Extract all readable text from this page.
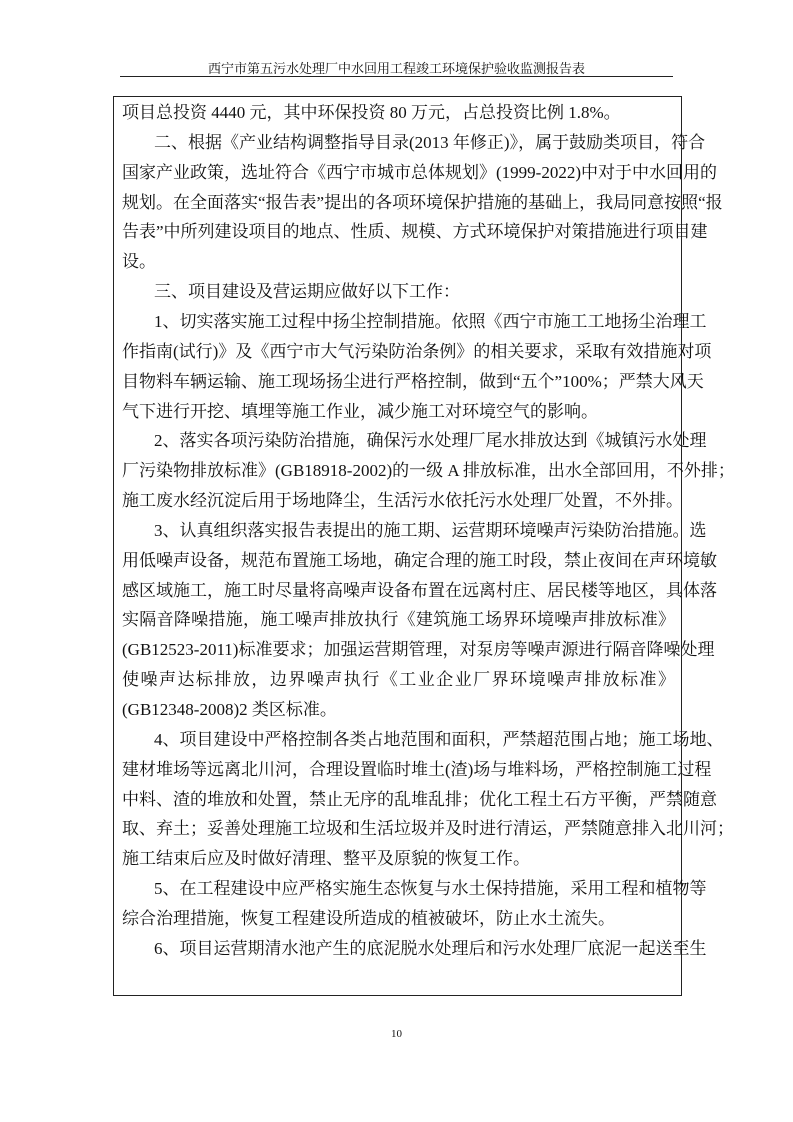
西宁市第五污水处理厂中水回用工程竣工环境保护验收监测报告表
项目总投资 4440 元，其中环保投资 80 万元，占总投资比例 1.8%。
二、根据《产业结构调整指导目录(2013 年修正)》，属于鼓励类项目，符合
国家产业政策，选址符合《西宁市城市总体规划》(1999-2022)中对于中水回用的
规划。在全面落实“报告表”提出的各项环境保护措施的基础上，我局同意按照“报
告表”中所列建设项目的地点、性质、规模、方式环境保护对策措施进行项目建
设。
三、项目建设及营运期应做好以下工作：
1、切实落实施工过程中扬尘控制措施。依照《西宁市施工工地扬尘治理工
作指南(试行)》及《西宁市大气污染防治条例》的相关要求，采取有效措施对项
目物料车辆运输、施工现场扬尘进行严格控制，做到“五个”100%；严禁大风天
气下进行开挖、填埋等施工作业，减少施工对环境空气的影响。
2、落实各项污染防治措施，确保污水处理厂尾水排放达到《城镇污水处理
厂污染物排放标准》(GB18918-2002)的一级 A 排放标准，出水全部回用，不外排；
施工废水经沉淀后用于场地降尘，生活污水依托污水处理厂处置，不外排。
3、认真组织落实报告表提出的施工期、运营期环境噪声污染防治措施。选
用低噪声设备，规范布置施工场地，确定合理的施工时段，禁止夜间在声环境敏
感区域施工，施工时尽量将高噪声设备布置在远离村庄、居民楼等地区，具体落
实隔音降噪措施，施工噪声排放执行《建筑施工场界环境噪声排放标准》
(GB12523-2011)标准要求；加强运营期管理，对泵房等噪声源进行隔音降噪处理
使噪声达标排放，边界噪声执行《工业企业厂界环境噪声排放标准》
(GB12348-2008)2 类区标准。
4、项目建设中严格控制各类占地范围和面积，严禁超范围占地；施工场地、
建材堆场等远离北川河，合理设置临时堆土(渣)场与堆料场，严格控制施工过程
中料、渣的堆放和处置，禁止无序的乱堆乱排；优化工程土石方平衡，严禁随意
取、弃土；妥善处理施工垃圾和生活垃圾并及时进行清运，严禁随意排入北川河；
施工结束后应及时做好清理、整平及原貌的恢复工作。
5、在工程建设中应严格实施生态恢复与水土保持措施，采用工程和植物等
综合治理措施，恢复工程建设所造成的植被破坏，防止水土流失。
6、项目运营期清水池产生的底泥脱水处理后和污水处理厂底泥一起送至生
10
